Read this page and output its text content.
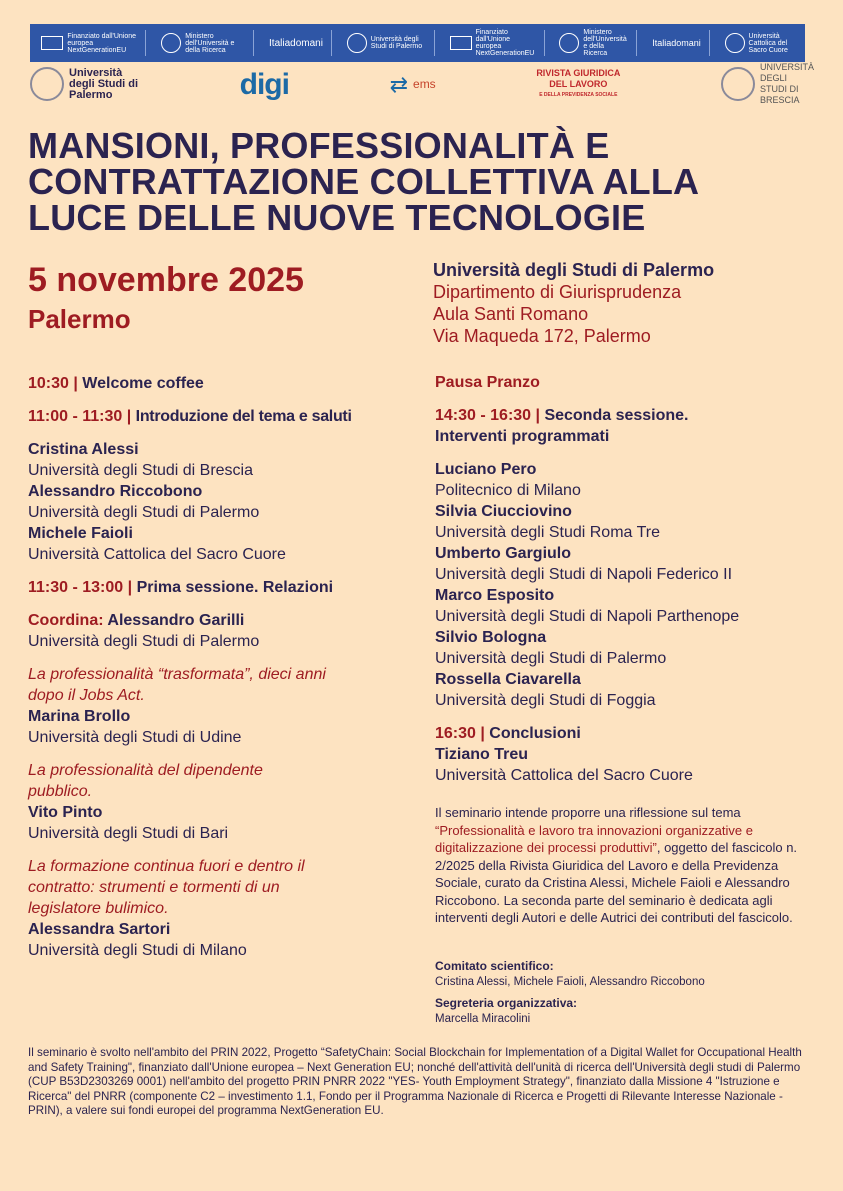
Finanziato dall'Unione europea NextGenerationEU
Ministero dell'Università e della Ricerca
Italiadomani	Università degli Studi di Palermo
Finanziato dall'Unione europea NextGenerationEU
Ministero dell'Università e della Ricerca
Italiadomani
Università Cattolica del Sacro Cuore
Università degli Studi di Palermo	digi	⇄ ems
RIVISTA GIURIDICA
DEL LAVORO
E DELLA PREVIDENZA SOCIALE
UNIVERSITÀ DEGLI STUDI DI BRESCIA
MANSIONI, PROFESSIONALITÀ E
CONTRATTAZIONE COLLETTIVA ALLA
LUCE DELLE NUOVE TECNOLOGIE
5 novembre 2025
Palermo
Università degli Studi di Palermo
Dipartimento di Giurisprudenza
Aula Santi Romano
Via Maqueda 172, Palermo
10:30 | Welcome coffee
11:00 - 11:30 | Introduzione del tema e saluti
Cristina Alessi
Università degli Studi di Brescia
Alessandro Riccobono
Università degli Studi di Palermo
Michele Faioli
Università Cattolica del Sacro Cuore
11:30 - 13:00 | Prima sessione. Relazioni
Coordina: Alessandro Garilli
Università degli Studi di Palermo
La professionalità “trasformata”, dieci anni
dopo il Jobs Act.
Marina Brollo
Università degli Studi di Udine
La professionalità del dipendente
pubblico.
Vito Pinto
Università degli Studi di Bari
La formazione continua fuori e dentro il
contratto: strumenti e tormenti di un
legislatore bulimico.
Alessandra Sartori
Università degli Studi di Milano
Pausa Pranzo
14:30 - 16:30 | Seconda sessione.
Interventi programmati
Luciano Pero
Politecnico di Milano
Silvia Ciucciovino
Università degli Studi Roma Tre
Umberto Gargiulo
Università degli Studi di Napoli Federico II
Marco Esposito
Università degli Studi di Napoli Parthenope
Silvio Bologna
Università degli Studi di Palermo
Rossella Ciavarella
Università degli Studi di Foggia
16:30 | Conclusioni
Tiziano Treu
Università Cattolica del Sacro Cuore

Il seminario intende proporre una riflessione sul tema “Professionalità e lavoro tra innovazioni organizzative e digitalizzazione dei processi produttivi”, oggetto del fascicolo n. 2/2025 della Rivista Giuridica del Lavoro e della Previdenza Sociale, curato da Cristina Alessi, Michele Faioli e Alessandro Riccobono. La seconda parte del seminario è dedicata agli interventi degli Autori e delle Autrici dei contributi del fascicolo.

Comitato scientifico:
Cristina Alessi, Michele Faioli, Alessandro Riccobono
Segreteria organizzativa:
Marcella Miracolini

Il seminario è svolto nell'ambito del PRIN 2022, Progetto “SafetyChain: Social Blockchain for Implementation of a Digital Wallet for Occupational Health and Safety Training", finanziato dall'Unione europea – Next Generation EU; nonché dell'attività dell'unità di ricerca dell'Università degli studi di Palermo (CUP B53D2303269 0001) nell'ambito del progetto PRIN PNRR 2022 "YES- Youth Employment Strategy", finanziato dalla Missione 4 "Istruzione e Ricerca" del PNRR (componente C2 – investimento 1.1, Fondo per il Programma Nazionale di Ricerca e Progetti di Rilevante Interesse Nazionale - PRIN), a valere sui fondi europei del programma NextGeneration EU.
